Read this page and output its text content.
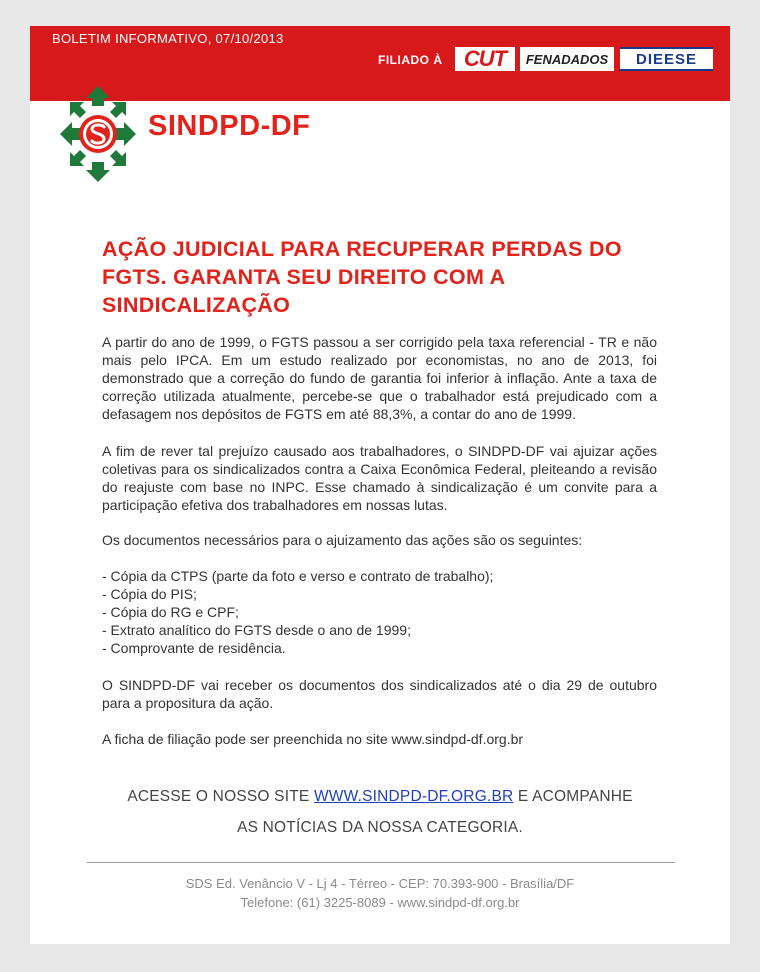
BOLETIM INFORMATIVO, 07/10/2013
FILIADO À CUT	FENADADOS	DIEESE
SINDPD-DF
AÇÃO JUDICIAL PARA RECUPERAR PERDAS DO FGTS. GARANTA SEU DIREITO COM A SINDICALIZAÇÃO

A partir do ano de 1999, o FGTS passou a ser corrigido pela taxa referencial - TR e não mais pelo IPCA. Em um estudo realizado por economistas, no ano de 2013, foi demonstrado que a correção do fundo de garantia foi inferior à inflação. Ante a taxa de correção utilizada atualmente, percebe-se que o trabalhador está prejudicado com a defasagem nos depósitos de FGTS em até 88,3%, a contar do ano de 1999.

A fim de rever tal prejuízo causado aos trabalhadores, o SINDPD-DF vai ajuizar ações coletivas para os sindicalizados contra a Caixa Econômica Federal, pleiteando a revisão do reajuste com base no INPC. Esse chamado à sindicalização é um convite para a participação efetiva dos trabalhadores em nossas lutas.

Os documentos necessários para o ajuizamento das ações são os seguintes:

- Cópia da CTPS (parte da foto e verso e contrato de trabalho);
- Cópia do PIS;
- Cópia do RG e CPF;
- Extrato analítico do FGTS desde o ano de 1999;
- Comprovante de residência.

O SINDPD-DF vai receber os documentos dos sindicalizados até o dia 29 de outubro para a propositura da ação.

A ficha de filiação pode ser preenchida no site www.sindpd-df.org.br

ACESSE O NOSSO SITE WWW.SINDPD-DF.ORG.BR E ACOMPANHE
AS NOTÍCIAS DA NOSSA CATEGORIA.
SDS Ed. Venâncio V - Lj 4 - Térreo - CEP: 70.393-900 - Brasília/DF
Telefone: (61) 3225-8089 - www.sindpd-df.org.br
